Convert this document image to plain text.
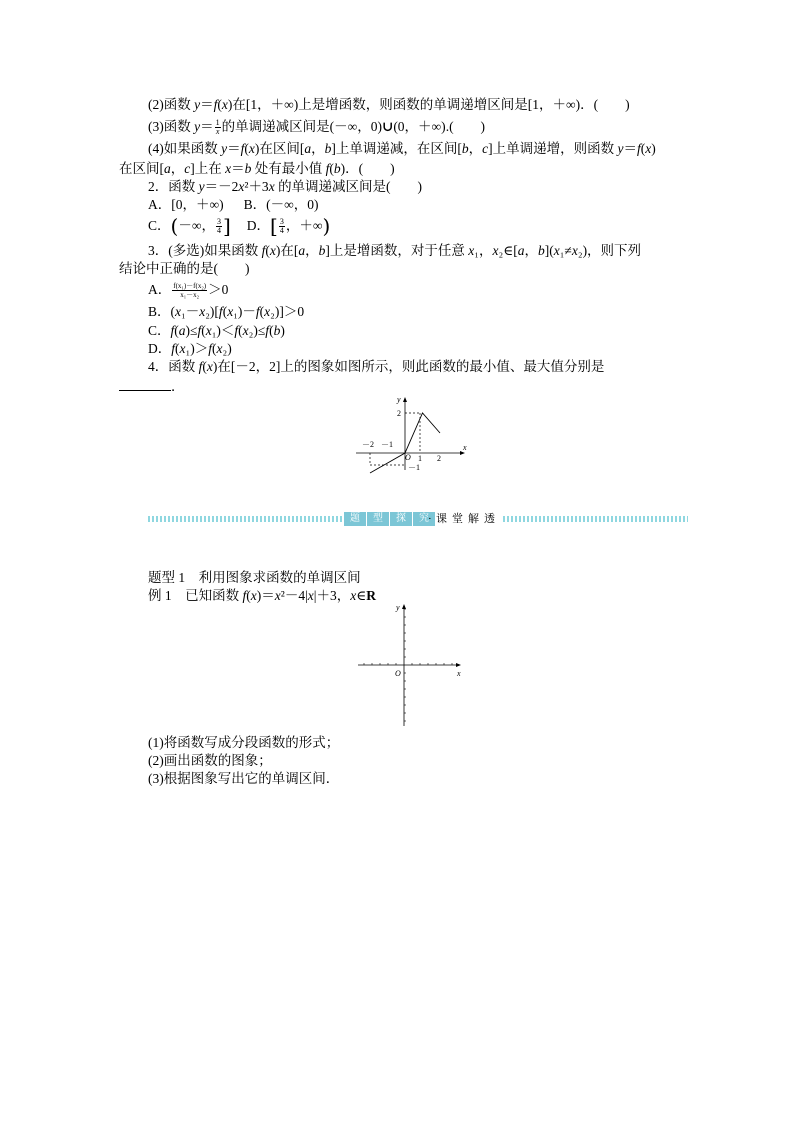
(2)函数 y＝f(x)在[1，＋∞)上是增函数，则函数的单调递增区间是[1，＋∞)．(　　)
(3)函数 $y= \frac{1}{x}$ 的单调递减区间是(－∞，0)∪(0，＋∞).(　　)
(4)如果函数 y＝f(x)在区间[a，b]上单调递减，在区间[b，c]上单调递增，则函数 y＝f(x)
在区间[a，c]上在 x＝b 处有最小值 f(b)．(　　)
2．函数 y＝－2x²＋3x 的单调递减区间是(　　)
A．[0，＋∞) B．(－∞，0)
C．(－∞， $\frac{3}{4}$ ] D．[ $\frac{3}{4}$ ，＋∞)
3．(多选)如果函数 f(x)在[a，b]上是增函数，对于任意 x₁，x₂∈[a，b](x₁≠x₂)，则下列
结论中正确的是(　　)
A． $\frac{\text{f(x₁)－f(x₂)}}{\text{x₁－x₂}} >0$
B．(x₁－x₂)[f(x₁)－f(x₂)]＞0
C．f(a)≤f(x₁)＜f(x₂)≤f(b)
D．f(x₁)＞f(x₂)
4．函数 f(x)在[－2，2]上的图象如图所示，则此函数的最小值、最大值分别是
．
y
x
O
2
－2 －1
1 2
－1
题	型	探	究 · 课堂解透
题型 1　利用图象求函数的单调区间
例 1　已知函数 f(x)＝x²－4|x|＋3，x∈R
y
x
O
(1)将函数写成分段函数的形式；
(2)画出函数的图象；
(3)根据图象写出它的单调区间．
